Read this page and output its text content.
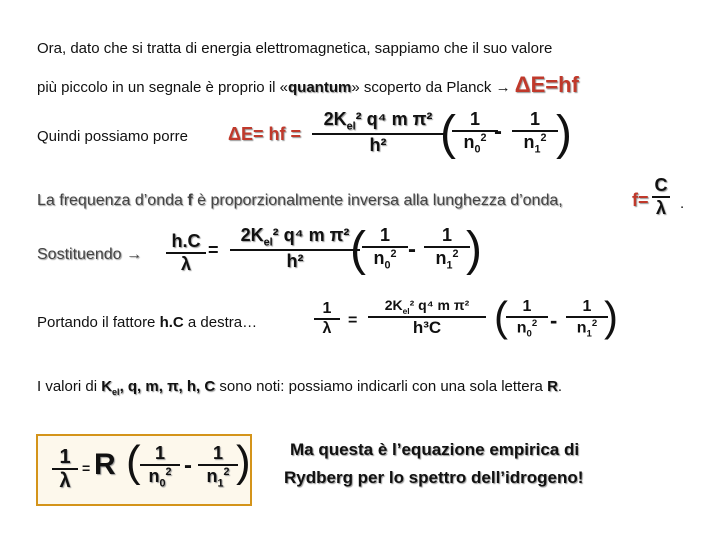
Ora, dato che si tratta di energia elettromagnetica, sappiamo che il suo valore
più piccolo in un segnale è proprio il «quantum» scoperto da Planck → ΔE=hf
Quindi possiamo porre ΔE= hf =
$2K_{el}^2$ q⁴ m π²
h²	(
$\frac{1}{n_0^2}$
- $\frac{1}{n_1^2}$
)
La frequenza d’onda f è proporzionalmente inversa alla lunghezza d’onda,	$f= \frac{C}{\lambda}$ .
Sostituendo → $\frac{h.C}{\lambda}$ =
$2K_{el}^2$ q⁴ m π²
h² (
$\frac{1}{n_0^2} - \frac{1}{n_1^2}$
)
Portando il fattore h.C a destra…	$\frac{1}{\lambda}$ =
$2K_{el}^2$ q⁴ m π²
h³C	(
$\frac{1}{n_0^2} - \frac{1}{n_1^2}$
)
I valori di $K_{el}$, q, m, π, h, C sono noti: possiamo indicarli con una sola lettera R.
$\frac{1}{\lambda} = R$ ( $\frac{1}{n_0^2} - \frac{1}{n_1^2}$
) Ma questa è l’equazione empirica di
Rydberg per lo spettro dell’idrogeno!
